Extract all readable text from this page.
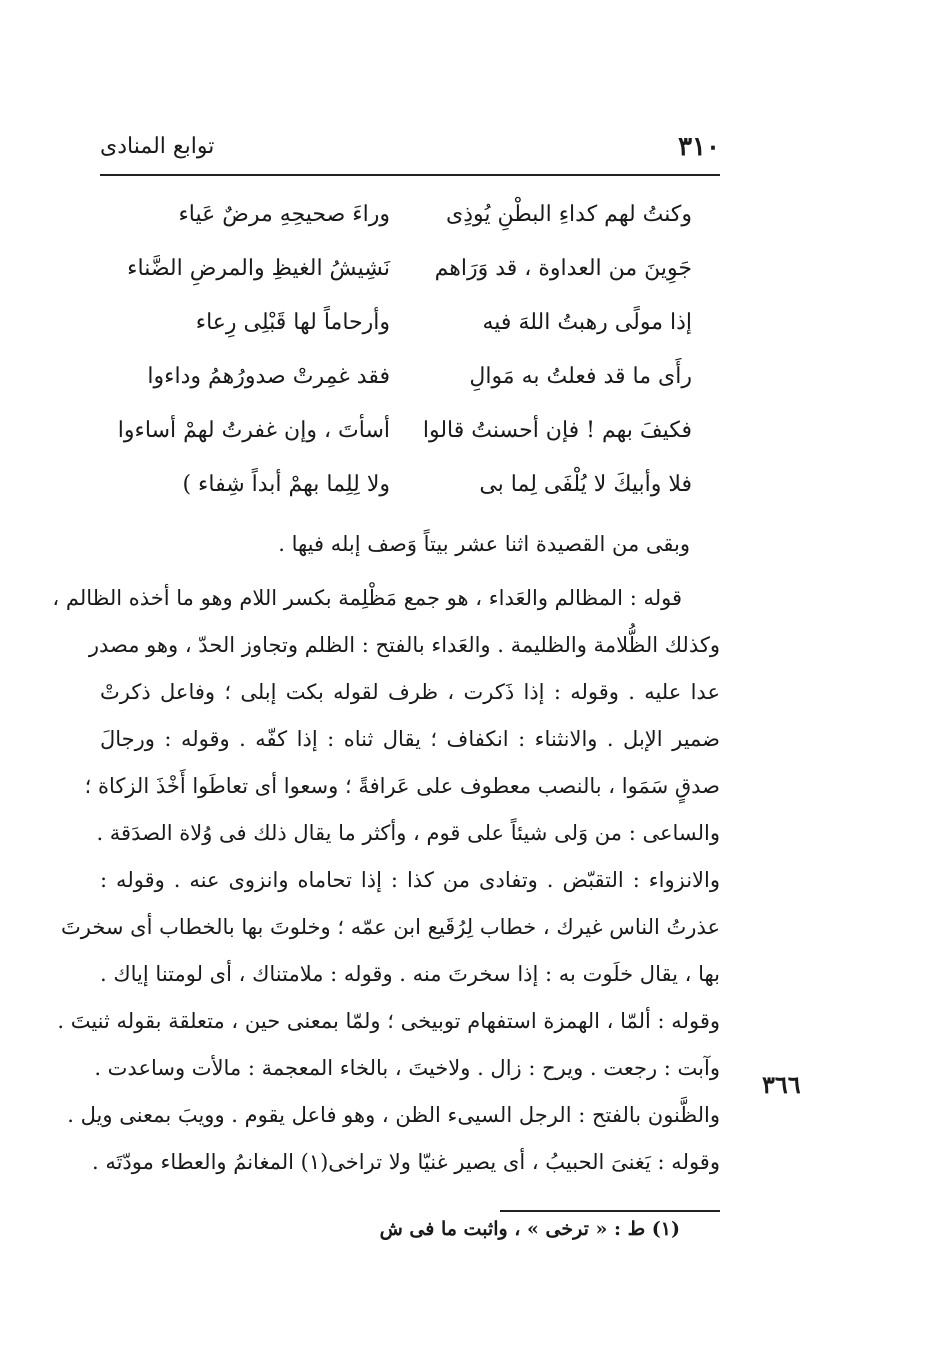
٣١٠
توابع المنادى
وكنتُ لهم كداءِ البطْنِ يُوذِى
وراءَ صحيحِهِ مرضٌ عَياء
جَوِينَ من العداوة ، قد وَرَاهم
نَشِيشُ الغيظِ والمرضِ الضَّناء
إذا مولًى رهبتُ اللهَ فيه
وأرحاماً لها قَبْلِى رِعاء
رأَى ما قد فعلتُ به مَوالِ
فقد غمِرتْ صدورُهمُ وداءوا
فكيفَ بهم ! فإن أحسنتُ قالوا
أسأتَ ، وإن غفرتُ لهمْ أساءوا
فلا وأبيكَ لا يُلْفَى لِما بى
ولا لِلِما بهمْ أبداً شِفاء )
وبقى من القصيدة اثنا عشر بيتاً وَصف إبله فيها .
قوله : المظالم والعَداء ، هو جمع مَظْلِمة بكسر اللام وهو ما أخذه الظالم ،
وكذلك الظُّلامة والظليمة . والعَداء بالفتح : الظلم وتجاوز الحدّ ، وهو مصدر
عدا عليه . وقوله : إذا ذَكرت ، ظرف لقوله بكت إبلى ؛ وفاعل ذكرتْ
ضمير الإبل . والانثناء : انكفاف ؛ يقال ثناه : إذا كفّه . وقوله : ورجالَ
صدقٍ سَمَوا ، بالنصب معطوف على عَرافةً ؛ وسعوا أى تعاطَوا أَخْذَ الزكاة ؛
والساعى : من وَلى شيئاً على قوم ، وأكثر ما يقال ذلك فى وُلاة الصدَقة .
والانزواء : التقبّض . وتفادى من كذا : إذا تحاماه وانزوى عنه . وقوله :
عذرتُ الناس غيرك ، خطاب لِرُقَيع ابن عمّه ؛ وخلوتَ بها بالخطاب أى سخرتَ
بها ، يقال خلَوت به : إذا سخرتَ منه . وقوله : ملامتناك ، أى لومتنا إياك .
وقوله : ألمّا ، الهمزة استفهام توبيخى ؛ ولمّا بمعنى حين ، متعلقة بقوله ثنيتَ .
وآبت : رجعت . ويرح : زال . ولاخيتَ ، بالخاء المعجمة : مالأت وساعدت .
والظَّنون بالفتح : الرجل السيىء الظن ، وهو فاعل يقوم . وويبَ بمعنى ويل .
وقوله : يَغنىَ الحبيبُ ، أى يصير غنيّا ولا تراخى(١) المغانمُ والعطاء مودّتَه .
٣٦٦
(١) ط : « ترخى » ، واثبت ما فى ش
